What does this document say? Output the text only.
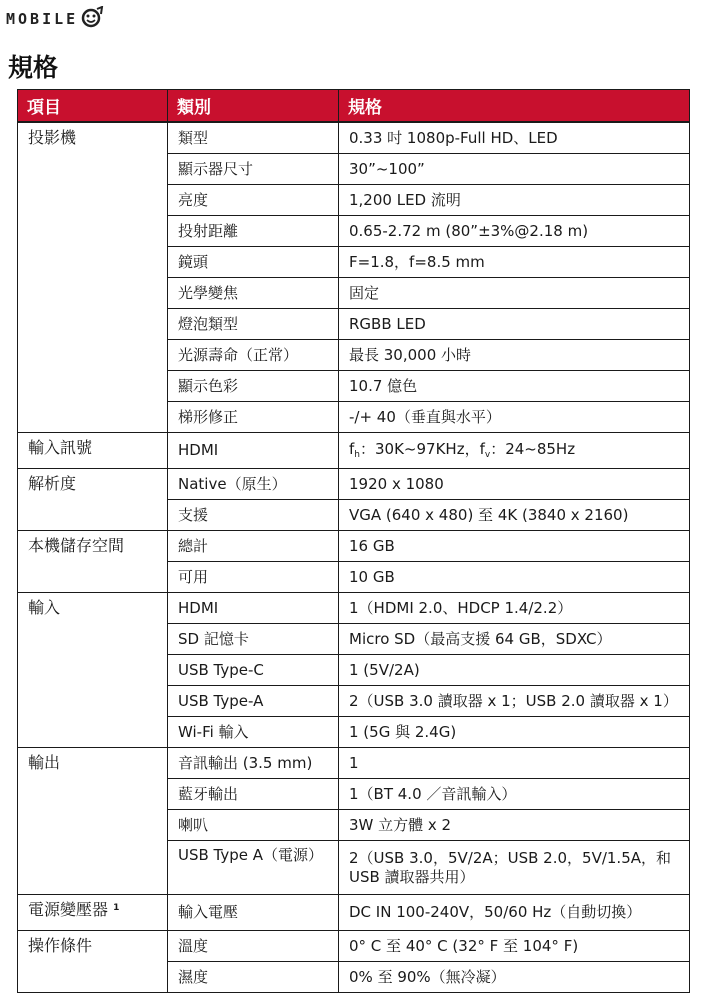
MOBILE
規格
項目	類別	規格
投影機	類型	0.33 吋 1080p-Full HD、LED
	顯示器尺寸	30”~100”
	亮度	1,200 LED 流明
	投射距離	0.65-2.72 m (80”±3%@2.18 m)
	鏡頭	F=1.8，f=8.5 mm
	光學變焦	固定
	燈泡類型	RGBB LED
	光源壽命（正常）	最長 30,000 小時
	顯示色彩	10.7 億色
	梯形修正	-/+ 40（垂直與水平）
輸入訊號	HDMI	$f_h$：30K~97KHz，$f_v$：24~85Hz
解析度	Native（原生）	1920 x 1080
	支援	VGA (640 x 480) 至 4K (3840 x 2160)
本機儲存空間	總計	16 GB
	可用	10 GB
輸入	HDMI	1（HDMI 2.0、HDCP 1.4/2.2）
	SD 記憶卡	Micro SD（最高支援 64 GB，SDXC）
	USB Type-C	1 (5V/2A)
	USB Type-A	2（USB 3.0 讀取器 x 1；USB 2.0 讀取器 x 1）
	Wi-Fi 輸入	1 (5G 與 2.4G)
輸出	音訊輸出 (3.5 mm)	1
	藍牙輸出	1（BT 4.0 ／音訊輸入）
	喇叭	3W 立方體 x 2
	USB Type A（電源）	2（USB 3.0，5V/2A；USB 2.0，5V/1.5A，和 USB 讀取器共用）
電源變壓器 $^1$	輸入電壓	DC IN 100-240V，50/60 Hz（自動切換）
操作條件	溫度	0° C 至 40° C (32° F 至 104° F)
	濕度	0% 至 90%（無冷凝）
